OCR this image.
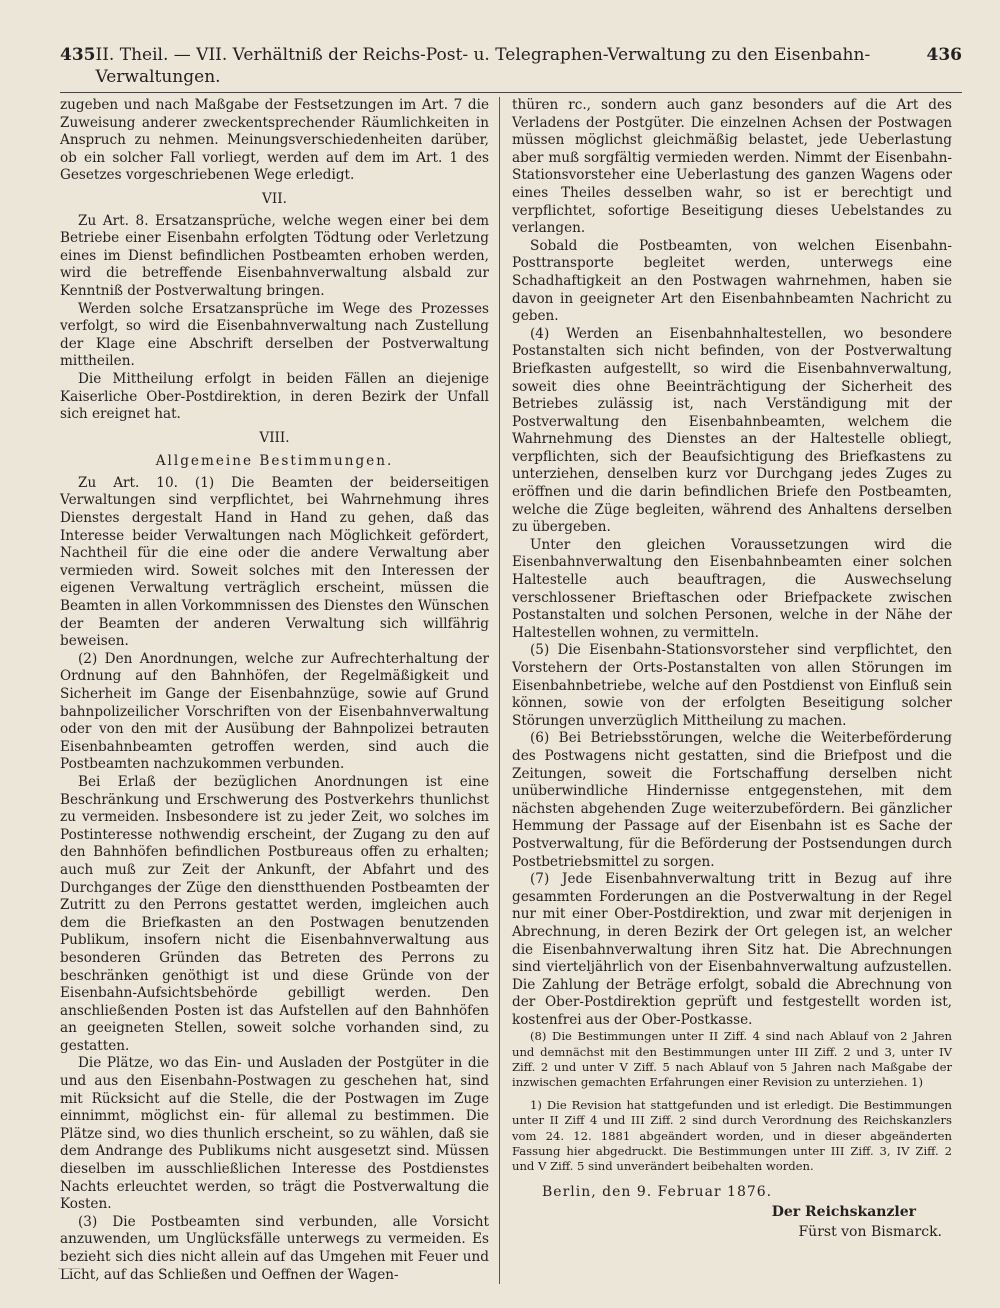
435 II. Theil. — VII. Verhältniß der Reichs-Post- u. Telegraphen-Verwaltung zu den Eisenbahn-Verwaltungen.
436

zugeben und nach Maßgabe der Festsetzungen im Art. 7 die Zuweisung anderer zweckentsprechender Räumlichkeiten in Anspruch zu nehmen. Meinungsverschiedenheiten darüber, ob ein solcher Fall vorliegt, werden auf dem im Art. 1 des Gesetzes vorgeschriebenen Wege erledigt.

VII.

Zu Art. 8. Ersatzansprüche, welche wegen einer bei dem Betriebe einer Eisenbahn erfolgten Tödtung oder Verletzung eines im Dienst befindlichen Postbeamten erhoben werden, wird die betreffende Eisenbahnverwaltung alsbald zur Kenntniß der Postverwaltung bringen.

Werden solche Ersatzansprüche im Wege des Prozesses verfolgt, so wird die Eisenbahnverwaltung nach Zustellung der Klage eine Abschrift derselben der Postverwaltung mittheilen.

Die Mittheilung erfolgt in beiden Fällen an diejenige Kaiserliche Ober-Postdirektion, in deren Bezirk der Unfall sich ereignet hat.

VIII.
Allgemeine Bestimmungen.

Zu Art. 10. (1) Die Beamten der beiderseitigen Verwaltungen sind verpflichtet, bei Wahrnehmung ihres Dienstes dergestalt Hand in Hand zu gehen, daß das Interesse beider Verwaltungen nach Möglichkeit gefördert, Nachtheil für die eine oder die andere Verwaltung aber vermieden wird. Soweit solches mit den Interessen der eigenen Verwaltung verträglich erscheint, müssen die Beamten in allen Vorkommnissen des Dienstes den Wünschen der Beamten der anderen Verwaltung sich willfährig beweisen.

(2) Den Anordnungen, welche zur Aufrechterhaltung der Ordnung auf den Bahnhöfen, der Regelmäßigkeit und Sicherheit im Gange der Eisenbahnzüge, sowie auf Grund bahnpolizeilicher Vorschriften von der Eisenbahnverwaltung oder von den mit der Ausübung der Bahnpolizei betrauten Eisenbahnbeamten getroffen werden, sind auch die Postbeamten nachzukommen verbunden.

Bei Erlaß der bezüglichen Anordnungen ist eine Beschränkung und Erschwerung des Postverkehrs thunlichst zu vermeiden. Insbesondere ist zu jeder Zeit, wo solches im Postinteresse nothwendig erscheint, der Zugang zu den auf den Bahnhöfen befindlichen Postbureaus offen zu erhalten; auch muß zur Zeit der Ankunft, der Abfahrt und des Durchganges der Züge den dienstthuenden Postbeamten der Zutritt zu den Perrons gestattet werden, imgleichen auch dem die Briefkasten an den Postwagen benutzenden Publikum, insofern nicht die Eisenbahnverwaltung aus besonderen Gründen das Betreten des Perrons zu beschränken genöthigt ist und diese Gründe von der Eisenbahn-Aufsichtsbehörde gebilligt werden. Den anschließenden Posten ist das Aufstellen auf den Bahnhöfen an geeigneten Stellen, soweit solche vorhanden sind, zu gestatten.

Die Plätze, wo das Ein- und Ausladen der Postgüter in die und aus den Eisenbahn-Postwagen zu geschehen hat, sind mit Rücksicht auf die Stelle, die der Postwagen im Zuge einnimmt, möglichst ein- für allemal zu bestimmen. Die Plätze sind, wo dies thunlich erscheint, so zu wählen, daß sie dem Andrange des Publikums nicht ausgesetzt sind. Müssen dieselben im ausschließlichen Interesse des Postdienstes Nachts erleuchtet werden, so trägt die Postverwaltung die Kosten.

(3) Die Postbeamten sind verbunden, alle Vorsicht anzuwenden, um Unglücksfälle unterwegs zu vermeiden. Es bezieht sich dies nicht allein auf das Umgehen mit Feuer und Licht, auf das Schließen und Oeffnen der Wagen-

thüren rc., sondern auch ganz besonders auf die Art des Verladens der Postgüter. Die einzelnen Achsen der Postwagen müssen möglichst gleichmäßig belastet, jede Ueberlastung aber muß sorgfältig vermieden werden. Nimmt der Eisenbahn-Stationsvorsteher eine Ueberlastung des ganzen Wagens oder eines Theiles desselben wahr, so ist er berechtigt und verpflichtet, sofortige Beseitigung dieses Uebelstandes zu verlangen.

Sobald die Postbeamten, von welchen Eisenbahn-Posttransporte begleitet werden, unterwegs eine Schadhaftigkeit an den Postwagen wahrnehmen, haben sie davon in geeigneter Art den Eisenbahnbeamten Nachricht zu geben.

(4) Werden an Eisenbahnhaltestellen, wo besondere Postanstalten sich nicht befinden, von der Postverwaltung Briefkasten aufgestellt, so wird die Eisenbahnverwaltung, soweit dies ohne Beeinträchtigung der Sicherheit des Betriebes zulässig ist, nach Verständigung mit der Postverwaltung den Eisenbahnbeamten, welchem die Wahrnehmung des Dienstes an der Haltestelle obliegt, verpflichten, sich der Beaufsichtigung des Briefkastens zu unterziehen, denselben kurz vor Durchgang jedes Zuges zu eröffnen und die darin befindlichen Briefe den Postbeamten, welche die Züge begleiten, während des Anhaltens derselben zu übergeben.

Unter den gleichen Voraussetzungen wird die Eisenbahnverwaltung den Eisenbahnbeamten einer solchen Haltestelle auch beauftragen, die Auswechselung verschlossener Brieftaschen oder Briefpackete zwischen Postanstalten und solchen Personen, welche in der Nähe der Haltestellen wohnen, zu vermitteln.

(5) Die Eisenbahn-Stationsvorsteher sind verpflichtet, den Vorstehern der Orts-Postanstalten von allen Störungen im Eisenbahnbetriebe, welche auf den Postdienst von Einfluß sein können, sowie von der erfolgten Beseitigung solcher Störungen unverzüglich Mittheilung zu machen.

(6) Bei Betriebsstörungen, welche die Weiterbeförderung des Postwagens nicht gestatten, sind die Briefpost und die Zeitungen, soweit die Fortschaffung derselben nicht unüberwindliche Hindernisse entgegenstehen, mit dem nächsten abgehenden Zuge weiterzubefördern. Bei gänzlicher Hemmung der Passage auf der Eisenbahn ist es Sache der Postverwaltung, für die Beförderung der Postsendungen durch Postbetriebsmittel zu sorgen.

(7) Jede Eisenbahnverwaltung tritt in Bezug auf ihre gesammten Forderungen an die Postverwaltung in der Regel nur mit einer Ober-Postdirektion, und zwar mit derjenigen in Abrechnung, in deren Bezirk der Ort gelegen ist, an welcher die Eisenbahnverwaltung ihren Sitz hat. Die Abrechnungen sind vierteljährlich von der Eisenbahnverwaltung aufzustellen. Die Zahlung der Beträge erfolgt, sobald die Abrechnung von der Ober-Postdirektion geprüft und festgestellt worden ist, kostenfrei aus der Ober-Postkasse.

(8) Die Bestimmungen unter II Ziff. 4 sind nach Ablauf von 2 Jahren und demnächst mit den Bestimmungen unter III Ziff. 2 und 3, unter IV Ziff. 2 und unter V Ziff. 5 nach Ablauf von 5 Jahren nach Maßgabe der inzwischen gemachten Erfahrungen einer Revision zu unterziehen. 1)

1) Die Revision hat stattgefunden und ist erledigt. Die Bestimmungen unter II Ziff 4 und III Ziff. 2 sind durch Verordnung des Reichskanzlers vom 24. 12. 1881 abgeändert worden, und in dieser abgeänderten Fassung hier abgedruckt. Die Bestimmungen unter III Ziff. 3, IV Ziff. 2 und V Ziff. 5 sind unverändert beibehalten worden.

Berlin, den 9. Februar 1876.

Der Reichskanzler
Fürst von Bismarck.
